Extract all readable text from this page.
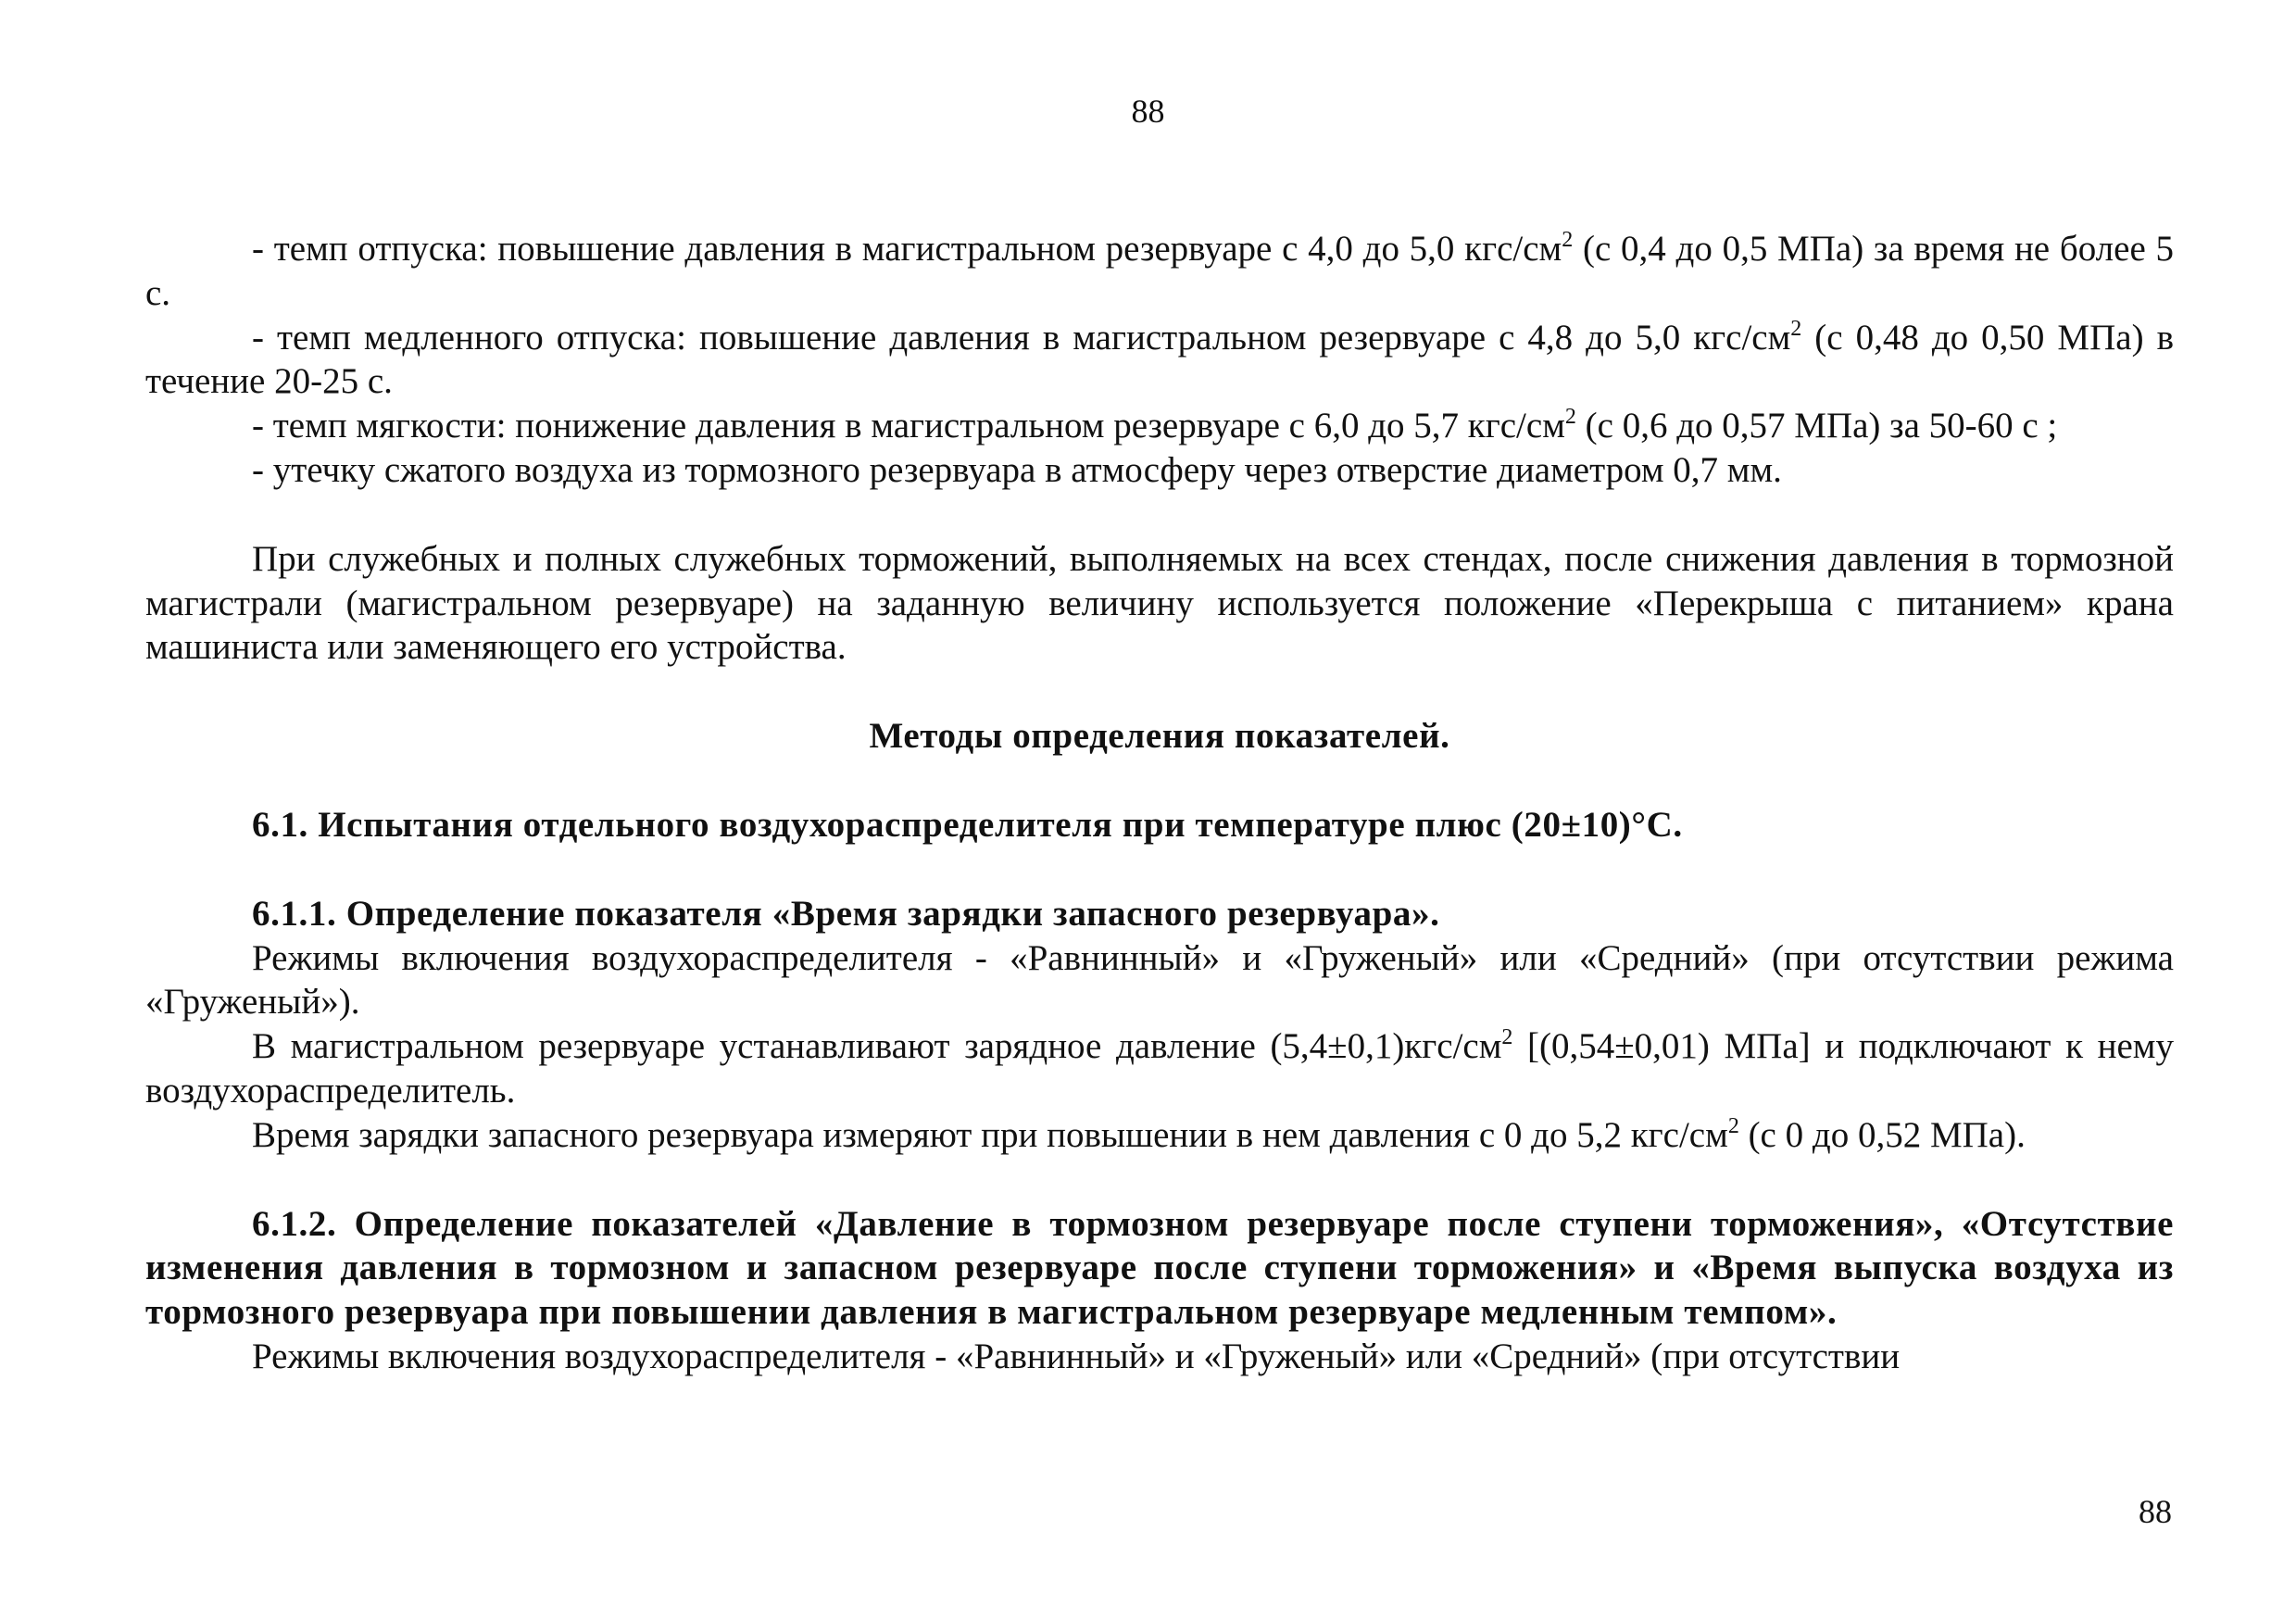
88

- темп отпуска: повышение давления в магистральном резервуаре с 4,0 до 5,0 кгс/$см^2$ (с 0,4 до 0,5 МПа) за время не более 5 с.

- темп медленного отпуска: повышение давления в магистральном резервуаре с 4,8 до 5,0 кгс/$см^2$ (с 0,48 до 0,50 МПа) в течение 20-25 с.

- темп мягкости: понижение давления в магистральном резервуаре с 6,0 до 5,7 кгс/$см^2$ (с 0,6 до 0,57 МПа) за 50-60 с ;

- утечку сжатого воздуха из тормозного резервуара в атмосферу через отверстие диаметром 0,7 мм.

При служебных и полных служебных торможений, выполняемых на всех стендах, после снижения давления в тормозной магистрали (магистральном резервуаре) на заданную величину используется положение «Перекрыша с питанием» крана машиниста или заменяющего его устройства.

Методы определения показателей.

6.1. Испытания отдельного воздухораспределителя при температуре плюс (20±10)°С.

6.1.1. Определение показателя «Время зарядки запасного резервуара».

Режимы включения воздухораспределителя - «Равнинный» и «Груженый» или «Средний» (при отсутствии режима «Груженый»).

В магистральном резервуаре устанавливают зарядное давление $(5,4\pm 0,1)кгс/см^2$ [(0,54±0,01) МПа] и подключают к нему воздухораспределитель.

Время зарядки запасного резервуара измеряют при повышении в нем давления с 0 до 5,2 кгс/$см^2$ (с 0 до 0,52 МПа).

6.1.2. Определение показателей «Давление в тормозном резервуаре после ступени торможения», «Отсутствие изменения давления в тормозном и запасном резервуаре после ступени торможения» и «Время выпуска воздуха из тормозного резервуара при повышении давления в магистральном резервуаре медленным темпом».

Режимы включения воздухораспределителя - «Равнинный» и «Груженый» или «Средний» (при отсутствии

88
